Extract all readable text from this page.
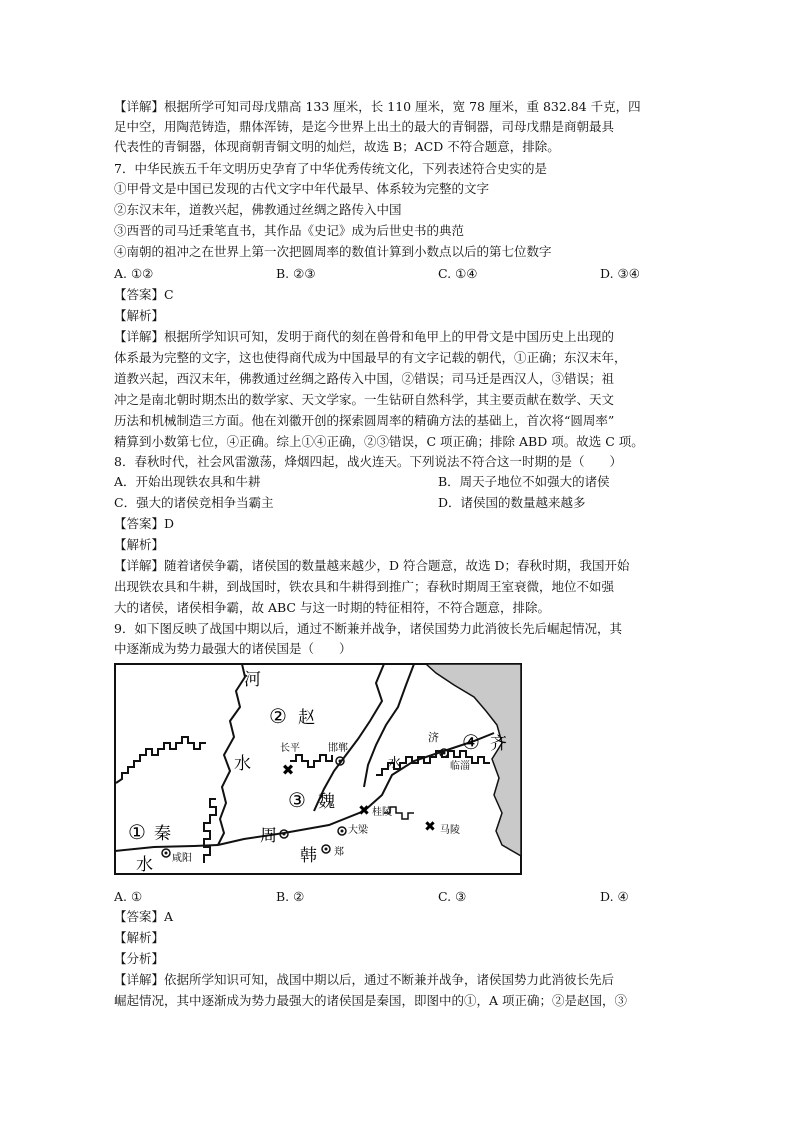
【详解】根据所学可知司母戊鼎高 133 厘米，长 110 厘米，宽 78 厘米，重 832.84 千克，四
足中空，用陶范铸造，鼎体浑铸，是迄今世界上出土的最大的青铜器，司母戊鼎是商朝最具
代表性的青铜器，体现商朝青铜文明的灿烂，故选 B；ACD 不符合题意，排除。
7．中华民族五千年文明历史孕育了中华优秀传统文化，下列表述符合史实的是
①甲骨文是中国已发现的古代文字中年代最早、体系较为完整的文字
②东汉末年，道教兴起，佛教通过丝绸之路传入中国
③西晋的司马迁秉笔直书，其作品《史记》成为后世史书的典范
④南朝的祖冲之在世界上第一次把圆周率的数值计算到小数点以后的第七位数字
A. ①②	B. ②③	C. ①④	D. ③④
【答案】C
【解析】
【详解】根据所学知识可知，发明于商代的刻在兽骨和龟甲上的甲骨文是中国历史上出现的
体系最为完整的文字，这也使得商代成为中国最早的有文字记载的朝代，①正确；东汉末年，
道教兴起，西汉末年，佛教通过丝绸之路传入中国，②错误；司马迁是西汉人，③错误；祖
冲之是南北朝时期杰出的数学家、天文学家。一生钻研自然科学，其主要贡献在数学、天文
历法和机械制造三方面。他在刘徽开创的探索圆周率的精确方法的基础上，首次将“圆周率”
精算到小数第七位，④正确。综上①④正确，②③错误，C 项正确；排除 ABD 项。故选 C 项。
8．春秋时代，社会风雷激荡，烽烟四起，战火连天。下列说法不符合这一时期的是（　　）
A．开始出现铁农具和牛耕	B．周天子地位不如强大的诸侯
C．强大的诸侯竞相争当霸主	D．诸侯国的数量越来越多
【答案】D
【解析】
【详解】随着诸侯争霸，诸侯国的数量越来越少，D 符合题意，故选 D；春秋时期，我国开始
出现铁农具和牛耕，到战国时，铁农具和牛耕得到推广；春秋时期周王室衰微，地位不如强
大的诸侯，诸侯相争霸，故 ABC 与这一时期的特征相符，不符合题意，排除。
9．如下图反映了战国中期以后，通过不断兼并战争，诸侯国势力此消彼长先后崛起情况，其
中逐渐成为势力最强大的诸侯国是（　　）
河
水	水
水
① 秦
② 赵
③ 魏
④ 齐
周
韩
长平
✖
邯郸
济
临淄
✖ 桂陵
大梁	✖ 马陵
咸阳
郑
A. ①	B. ②	C. ③	D. ④
【答案】A
【解析】
【分析】
【详解】依据所学知识可知，战国中期以后，通过不断兼并战争，诸侯国势力此消彼长先后
崛起情况，其中逐渐成为势力最强大的诸侯国是秦国，即图中的①，A 项正确；②是赵国，③
